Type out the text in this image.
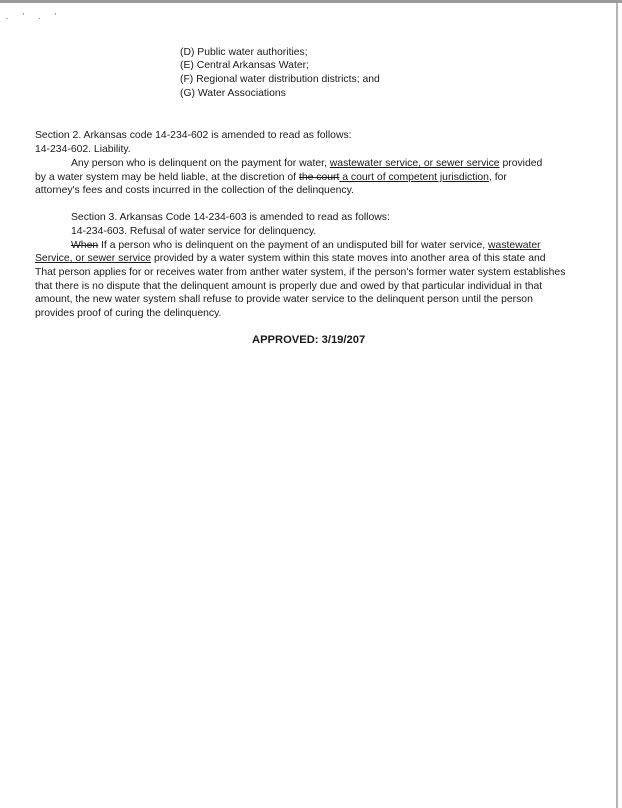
. ' . '
(D) Public water authorities;
(E) Central Arkansas Water;
(F) Regional water distribution districts; and
(G) Water Associations
Section 2. Arkansas code 14-234-602 is amended to read as follows:
14-234-602. Liability.
Any person who is delinquent on the payment for water, wastewater service, or sewer service provided
by a water system may be held liable, at the discretion of the court a court of competent jurisdiction, for
attorney's fees and costs incurred in the collection of the delinquency.
Section 3. Arkansas Code 14-234-603 is amended to read as follows:
14-234-603. Refusal of water service for delinquency.
When If a person who is delinquent on the payment of an undisputed bill for water service, wastewater
Service, or sewer service provided by a water system within this state moves into another area of this state and
That person applies for or receives water from anther water system, if the person's former water system establishes
that there is no dispute that the delinquent amount is properly due and owed by that particular individual in that
amount, the new water system shall refuse to provide water service to the delinquent person until the person
provides proof of curing the delinquency.
APPROVED: 3/19/207
